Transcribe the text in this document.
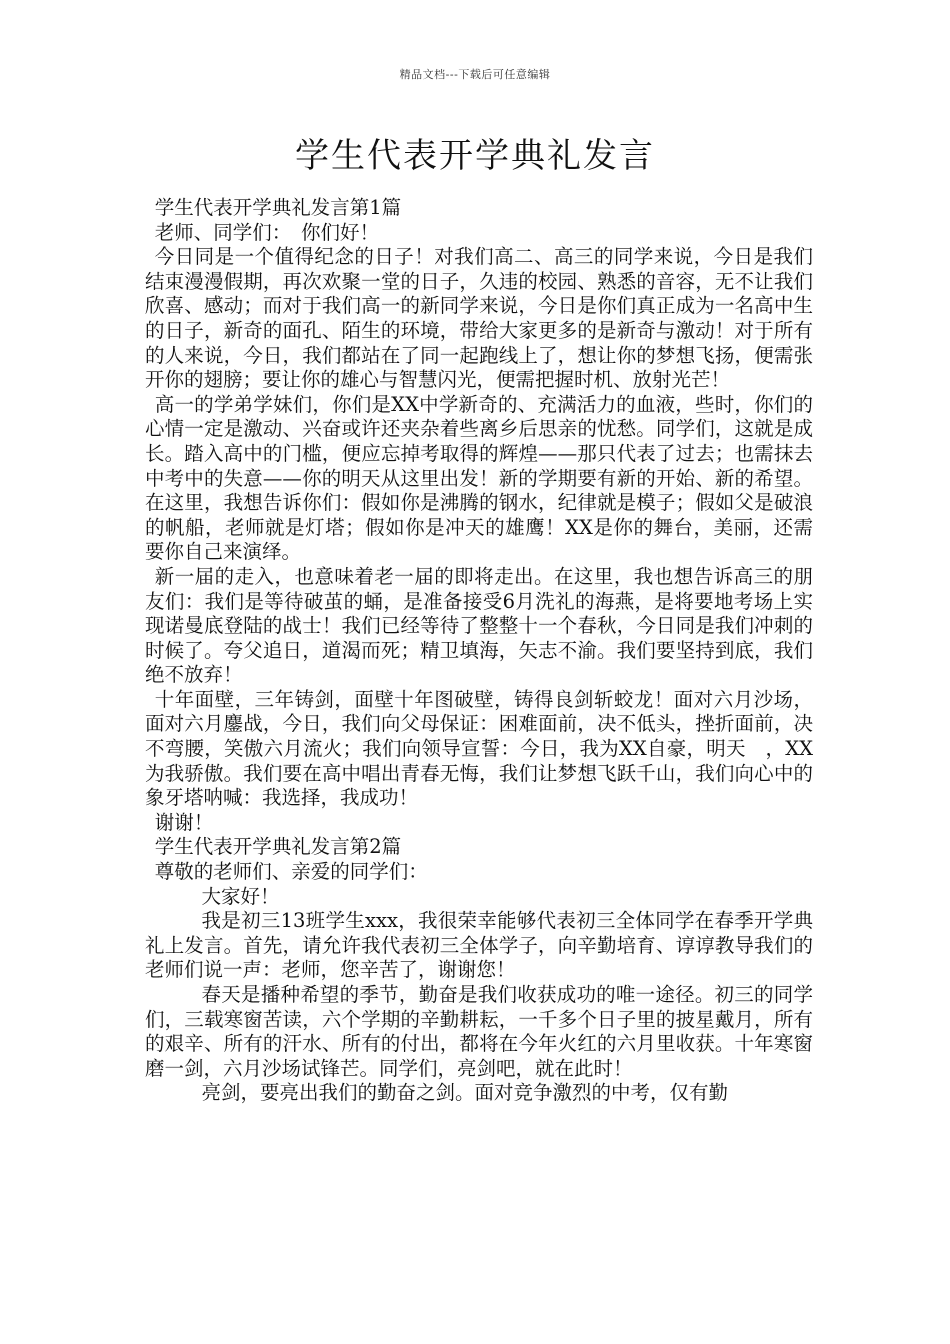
精品文档---下载后可任意编辑
学生代表开学典礼发言

学生代表开学典礼发言第1篇

老师、同学们：　你们好！

今日同是一个值得纪念的日子！对我们高二、高三的同学来说，今日是我们结束漫漫假期，再次欢聚一堂的日子，久违的校园、熟悉的音容，无不让我们欣喜、感动；而对于我们高一的新同学来说，今日是你们真正成为一名高中生的日子，新奇的面孔、陌生的环境，带给大家更多的是新奇与激动！对于所有的人来说，今日，我们都站在了同一起跑线上了，想让你的梦想飞扬，便需张开你的翅膀；要让你的雄心与智慧闪光，便需把握时机、放射光芒！

高一的学弟学妹们，你们是XX中学新奇的、充满活力的血液，些时，你们的心情一定是激动、兴奋或许还夹杂着些离乡后思亲的忧愁。同学们，这就是成长。踏入高中的门槛，便应忘掉考取得的辉煌——那只代表了过去；也需抹去中考中的失意——你的明天从这里出发！新的学期要有新的开始、新的希望。在这里，我想告诉你们：假如你是沸腾的钢水，纪律就是模子；假如父是破浪的帆船，老师就是灯塔；假如你是冲天的雄鹰！XX是你的舞台，美丽，还需要你自己来演绎。

新一届的走入，也意味着老一届的即将走出。在这里，我也想告诉高三的朋友们：我们是等待破茧的蛹，是准备接受6月洗礼的海燕，是将要地考场上实现诺曼底登陆的战士！我们已经等待了整整十一个春秋，今日同是我们冲刺的时候了。夸父追日，道渴而死；精卫填海，矢志不渝。我们要坚持到底，我们绝不放弃！

十年面壁，三年铸剑，面壁十年图破壁，铸得良剑斩蛟龙！面对六月沙场，面对六月鏖战，今日，我们向父母保证：困难面前，决不低头，挫折面前，决不弯腰，笑傲六月流火；我们向领导宣誓：今日，我为XX自豪，明天　，XX为我骄傲。我们要在高中唱出青春无悔，我们让梦想飞跃千山，我们向心中的象牙塔呐喊：我选择，我成功！

谢谢！

学生代表开学典礼发言第2篇

尊敬的老师们、亲爱的同学们：

大家好！

我是初三13班学生xxx，我很荣幸能够代表初三全体同学在春季开学典礼上发言。首先，请允许我代表初三全体学子，向辛勤培育、谆谆教导我们的老师们说一声：老师，您辛苦了，谢谢您！

春天是播种希望的季节，勤奋是我们收获成功的唯一途径。初三的同学们，三载寒窗苦读，六个学期的辛勤耕耘，一千多个日子里的披星戴月，所有的艰辛、所有的汗水、所有的付出，都将在今年火红的六月里收获。十年寒窗磨一剑，六月沙场试锋芒。同学们，亮剑吧，就在此时！

亮剑，要亮出我们的勤奋之剑。面对竞争激烈的中考，仅有勤
